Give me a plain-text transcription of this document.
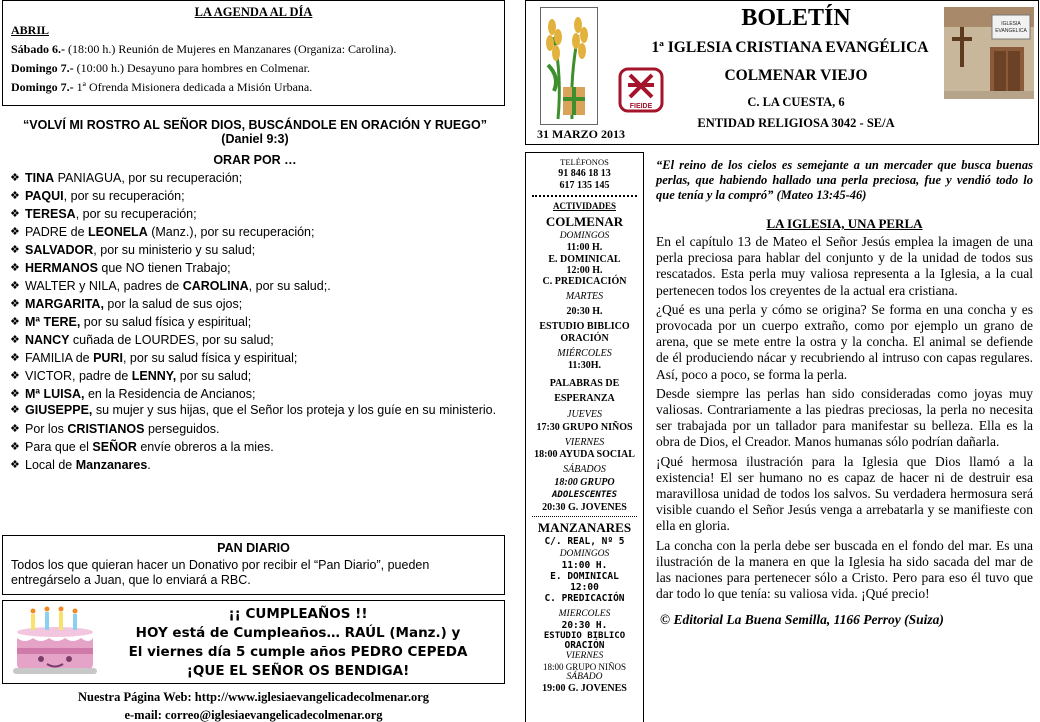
LA AGENDA AL DÍA
ABRIL
Sábado 6.- (18:00 h.) Reunión de Mujeres en Manzanares (Organiza: Carolina).
Domingo 7.- (10:00 h.) Desayuno para hombres en Colmenar.
Domingo 7.- 1ª Ofrenda Misionera dedicada a Misión Urbana.
“VOLVÍ MI ROSTRO AL SEÑOR DIOS, BUSCÁNDOLE EN ORACIÓN Y RUEGO” (Daniel 9:3)
ORAR POR …
❖ TINA PANIAGUA, por su recuperación;
❖ PAQUI, por su recuperación;
❖ TERESA, por su recuperación;
❖ PADRE de LEONELA (Manz.), por su recuperación;
❖ SALVADOR, por su ministerio y su salud;
❖ HERMANOS que NO tienen Trabajo;
❖ WALTER y NILA, padres de CAROLINA, por su salud;.
❖ MARGARITA, por la salud de sus ojos;
❖ Mª TERE, por su salud física y espiritual;
❖ NANCY cuñada de LOURDES, por su salud;
❖ FAMILIA de PURI, por su salud física y espiritual;
❖ VICTOR, padre de LENNY, por su salud;
❖ Mª LUISA, en la Residencia de Ancianos;
❖ GIUSEPPE, su mujer y sus hijas, que el Señor los proteja y los guíe en su ministerio.
❖ Por los CRISTIANOS perseguidos.
❖ Para que el SEÑOR envíe obreros a la mies.
❖ Local de Manzanares.
PAN DIARIO
Todos los que quieran hacer un Donativo por recibir el “Pan Diario”, pueden entregárselo a Juan, que lo enviará a RBC.
¡¡ CUMPLEAÑOS !!
HOY está de Cumpleaños… RAÚL (Manz.) y
El viernes día 5 cumple años PEDRO CEPEDA
¡QUE EL SEÑOR OS BENDIGA!
Nuestra Página Web: http://www.iglesiaevangelicadecolmenar.org
e-mail: correo@iglesiaevangelicadecolmenar.org
BOLETÍN
1ª IGLESIA CRISTIANA EVANGÉLICA
COLMENAR VIEJO
FIEIDE	C. LA CUESTA, 6
ENTIDAD RELIGIOSA 3042 - SE/A
31 MARZO 2013
IGLESIA
EVANGELICA
TELÉFONOS
91 846 18 13
617 135 145
ACTIVIDADES
COLMENAR
DOMINGOS
11:00 H.
E. DOMINICAL
12:00 H.
C. PREDICACIÓN
MARTES
20:30 H.
ESTUDIO BIBLICO
ORACIÓN
MIÉRCOLES
11:30H.
PALABRAS DE
ESPERANZA
JUEVES
17:30 GRUPO NIÑOS
VIERNES
18:00 AYUDA SOCIAL
SÁBADOS
18:00 GRUPO
ADOLESCENTES
20:30 G. JOVENES
MANZANARES
C/. REAL, Nº 5
DOMINGOS
11:00 H.
E. DOMINICAL
12:00
C. PREDICACIÓN
MIERCOLES
20:30 H.
ESTUDIO BIBLICO
ORACIÓN
VIERNES
18:00 GRUPO NIÑOS
SÁBADO
19:00 G. JOVENES
“El reino de los cielos es semejante a un mercader que busca buenas perlas, que habiendo hallado una perla preciosa, fue y vendió todo lo que tenía y la compró” (Mateo 13:45-46)
LA IGLESIA, UNA PERLA

En el capítulo 13 de Mateo el Señor Jesús emplea la imagen de una perla preciosa para hablar del conjunto y de la unidad de todos sus rescatados. Esta perla muy valiosa representa a la Iglesia, a la cual pertenecen todos los creyentes de la actual era cristiana.

¿Qué es una perla y cómo se origina? Se forma en una concha y es provocada por un cuerpo extraño, como por ejemplo un grano de arena, que se mete entre la ostra y la concha. El animal se defiende de él produciendo nácar y recubriendo al intruso con capas regulares. Así, poco a poco, se forma la perla.

Desde siempre las perlas han sido consideradas como joyas muy valiosas. Contrariamente a las piedras preciosas, la perla no necesita ser trabajada por un tallador para manifestar su belleza. Ella es la obra de Dios, el Creador. Manos humanas sólo podrían dañarla.

¡Qué hermosa ilustración para la Iglesia que Dios llamó a la existencia! El ser humano no es capaz de hacer ni de destruir esa maravillosa unidad de todos los salvos. Su verdadera hermosura será visible cuando el Señor Jesús venga a arrebatarla y se manifieste con ella en gloria.

La concha con la perla debe ser buscada en el fondo del mar. Es una ilustración de la manera en que la Iglesia ha sido sacada del mar de las naciones para pertenecer sólo a Cristo. Pero para eso él tuvo que dar todo lo que tenía: su valiosa vida. ¡Qué precio!

© Editorial La Buena Semilla, 1166 Perroy (Suiza)
